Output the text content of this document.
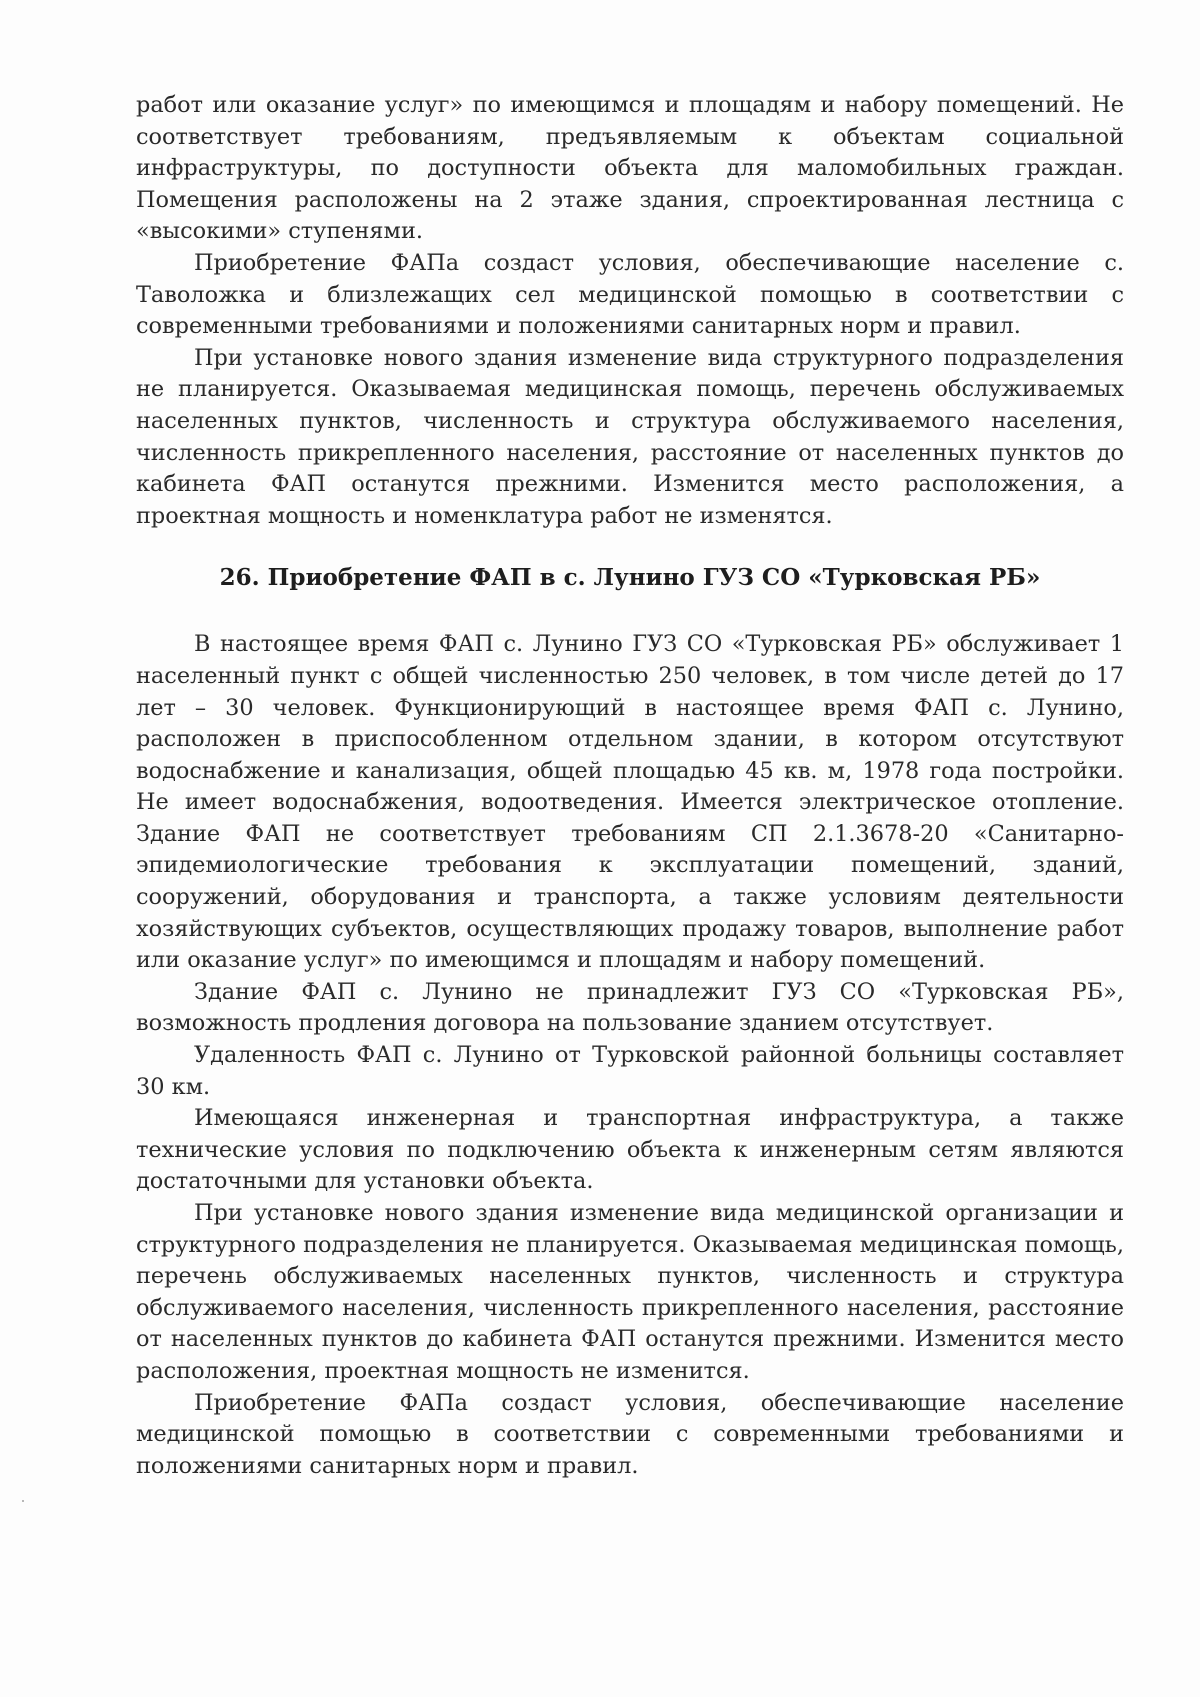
работ или оказание услуг» по имеющимся и площадям и набору помещений. Не соответствует требованиям, предъявляемым к объектам социальной инфраструктуры, по доступности объекта для маломобильных граждан. Помещения расположены на 2 этаже здания, спроектированная лестница с «высокими» ступенями.

Приобретение ФАПа создаст условия, обеспечивающие население с. Таволожка и близлежащих сел медицинской помощью в соответствии с современными требованиями и положениями санитарных норм и правил.

При установке нового здания изменение вида структурного подразделения не планируется. Оказываемая медицинская помощь, перечень обслуживаемых населенных пунктов, численность и структура обслуживаемого населения, численность прикрепленного населения, расстояние от населенных пунктов до кабинета ФАП останутся прежними. Изменится место расположения, а проектная мощность и номенклатура работ не изменятся.

26. Приобретение ФАП в с. Лунино ГУЗ СО «Турковская РБ»

В настоящее время ФАП с. Лунино ГУЗ СО «Турковская РБ» обслуживает 1 населенный пункт с общей численностью 250 человек, в том числе детей до 17 лет – 30 человек. Функционирующий в настоящее время ФАП с. Лунино, расположен в приспособленном отдельном здании, в котором отсутствуют водоснабжение и канализация, общей площадью 45 кв. м, 1978 года постройки. Не имеет водоснабжения, водоотведения. Имеется электрическое отопление. Здание ФАП не соответствует требованиям СП 2.1.3678-20 «Санитарно-эпидемиологические требования к эксплуатации помещений, зданий, сооружений, оборудования и транспорта, а также условиям деятельности хозяйствующих субъектов, осуществляющих продажу товаров, выполнение работ или оказание услуг» по имеющимся и площадям и набору помещений.

Здание ФАП с. Лунино не принадлежит ГУЗ СО «Турковская РБ», возможность продления договора на пользование зданием отсутствует.

Удаленность ФАП с. Лунино от Турковской районной больницы составляет 30 км.

Имеющаяся инженерная и транспортная инфраструктура, а также технические условия по подключению объекта к инженерным сетям являются достаточными для установки объекта.

При установке нового здания изменение вида медицинской организации и структурного подразделения не планируется. Оказываемая медицинская помощь, перечень обслуживаемых населенных пунктов, численность и структура обслуживаемого населения, численность прикрепленного населения, расстояние от населенных пунктов до кабинета ФАП останутся прежними. Изменится место расположения, проектная мощность не изменится.

Приобретение ФАПа создаст условия, обеспечивающие население медицинской помощью в соответствии с современными требованиями и положениями санитарных норм и правил.
